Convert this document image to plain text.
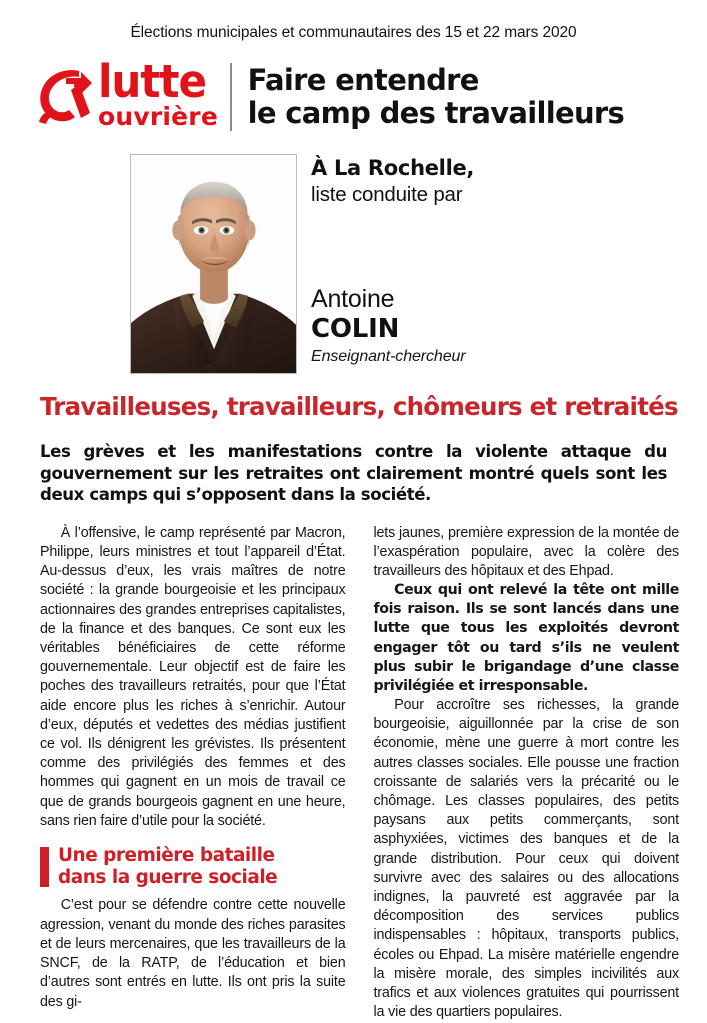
Élections municipales et communautaires des 15 et 22 mars 2020
lutte
ouvrière
Faire entendre
le camp des travailleurs
À La Rochelle,
liste conduite par
Antoine
COLIN
Enseignant-chercheur
Travailleuses, travailleurs, chômeurs et retraités

Les grèves et les manifestations contre la violente attaque du gouvernement sur les retraites ont clairement montré quels sont les deux camps qui s’opposent dans la société.

À l’offensive, le camp représenté par Macron, Philippe, leurs ministres et tout l’appareil d’État. Au-dessus d’eux, les vrais maîtres de notre société : la grande bourgeoisie et les principaux actionnaires des grandes entreprises capitalistes, de la finance et des banques. Ce sont eux les véritables bénéficiaires de cette réforme gouvernementale. Leur objectif est de faire les poches des travailleurs retraités, pour que l’État aide encore plus les riches à s’enrichir. Autour d’eux, députés et vedettes des médias justifient ce vol. Ils dénigrent les grévistes. Ils présentent comme des privilégiés des femmes et des hommes qui gagnent en un mois de travail ce que de grands bourgeois gagnent en une heure, sans rien faire d’utile pour la société.

Une première bataille
dans la guerre sociale

C’est pour se défendre contre cette nouvelle agression, venant du monde des riches parasites et de leurs mercenaires, que les travailleurs de la SNCF, de la RATP, de l’éducation et bien d’autres sont entrés en lutte. Ils ont pris la suite des gi-

lets jaunes, première expression de la montée de l’exaspération populaire, avec la colère des travailleurs des hôpitaux et des Ehpad.

Ceux qui ont relevé la tête ont mille fois raison. Ils se sont lancés dans une lutte que tous les exploités devront engager tôt ou tard s’ils ne veulent plus subir le brigandage d’une classe privilégiée et irresponsable.

Pour accroître ses richesses, la grande bourgeoisie, aiguillonnée par la crise de son économie, mène une guerre à mort contre les autres classes sociales. Elle pousse une fraction croissante de salariés vers la précarité ou le chômage. Les classes populaires, des petits paysans aux petits commerçants, sont asphyxiées, victimes des banques et de la grande distribution. Pour ceux qui doivent survivre avec des salaires ou des allocations indignes, la pauvreté est aggravée par la décomposition des services publics indispensables : hôpitaux, transports publics, écoles ou Ehpad. La misère matérielle engendre la misère morale, des simples incivilités aux trafics et aux violences gratuites qui pourrissent la vie des quartiers populaires.
